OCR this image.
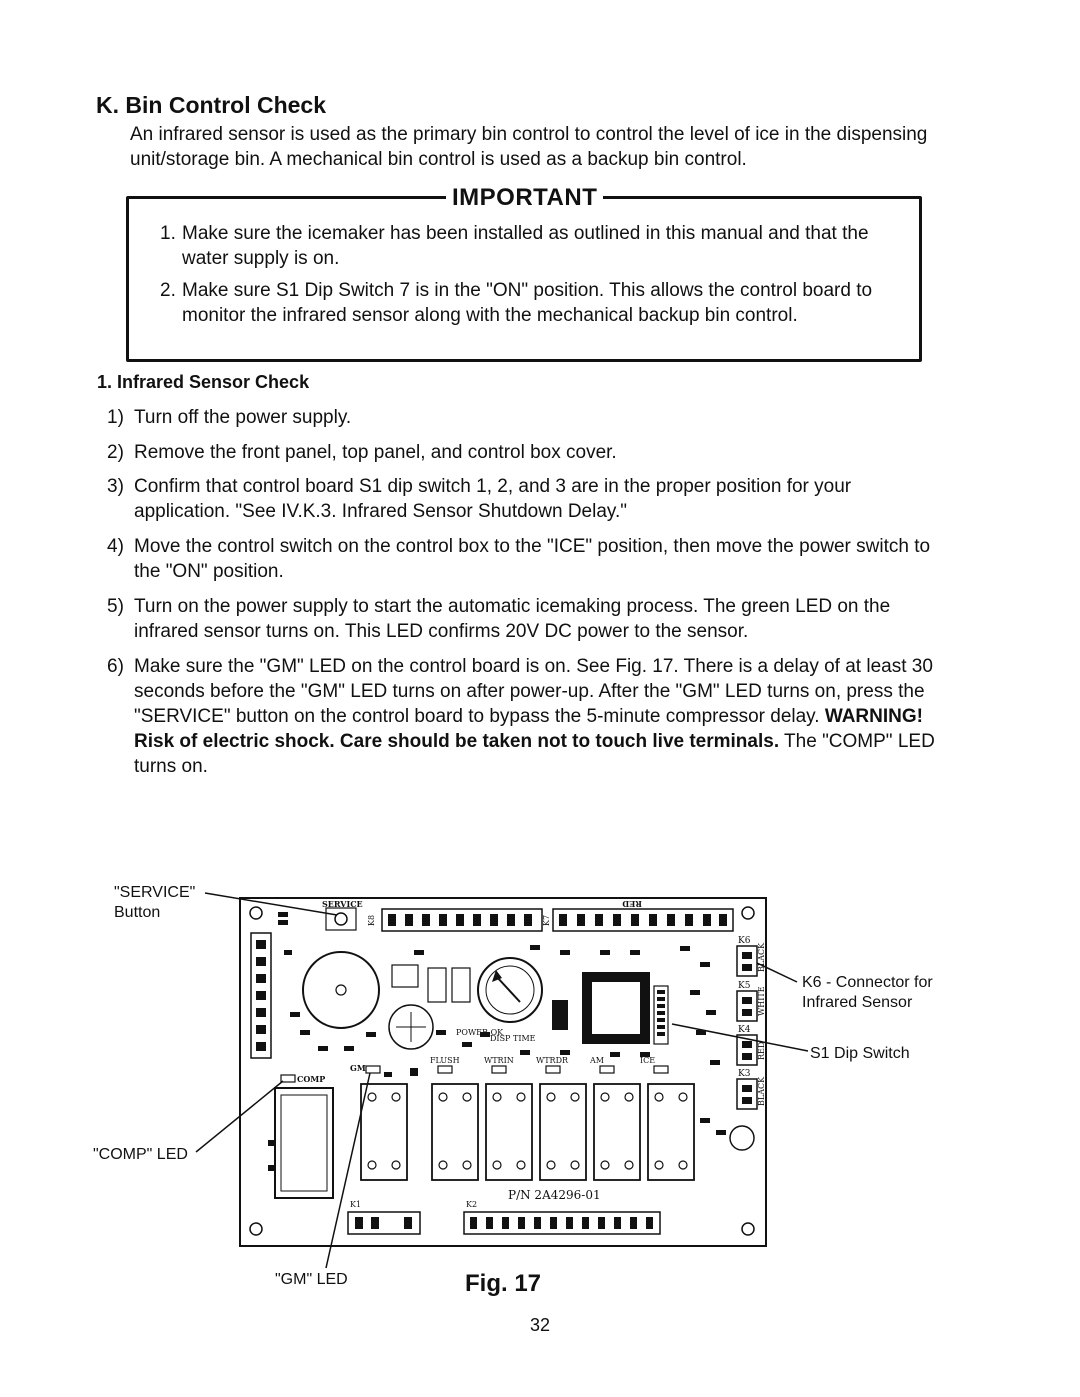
K. Bin Control Check
An infrared sensor is used as the primary bin control to control the level of ice in the dispensing unit/storage bin. A mechanical bin control is used as a backup bin control.
IMPORTANT
1. Make sure the icemaker has been installed as outlined in this manual and that the water supply is on.
2. Make sure S1 Dip Switch 7 is in the "ON" position. This allows the control board to monitor the infrared sensor along with the mechanical backup bin control.
1. Infrared Sensor Check
1) Turn off the power supply.
2) Remove the front panel, top panel, and control box cover.
3) Confirm that control board S1 dip switch 1, 2, and 3 are in the proper position for your application. "See IV.K.3. Infrared Sensor Shutdown Delay."
4) Move the control switch on the control box to the "ICE" position, then move the power switch to the "ON" position.
5) Turn on the power supply to start the automatic icemaking process. The green LED on the infrared sensor turns on. This LED confirms 20V DC power to the sensor.
6) Make sure the "GM" LED on the control board is on. See Fig. 17. There is a delay of at least 30 seconds before the "GM" LED turns on after power-up. After the "GM" LED turns on, press the "SERVICE" button on the control board to bypass the 5-minute compressor delay. WARNING! Risk of electric shock. Care should be taken not to touch live terminals. The "COMP" LED turns on.
"SERVICE"
Button
K6 - Connector for
Infrared Sensor
S1 Dip Switch
"COMP" LED
"GM" LED
SERVICE	RED
K8	K7
K6
K5
K4
K3
BLACK
WHITE
RED
BLACK
COMP
GM
POWER OK
FLUSH	WTRIN	WTRDR	AM	ICE
DISP TIME
K1	K2
P/N 2A4296-01
Fig. 17
32
